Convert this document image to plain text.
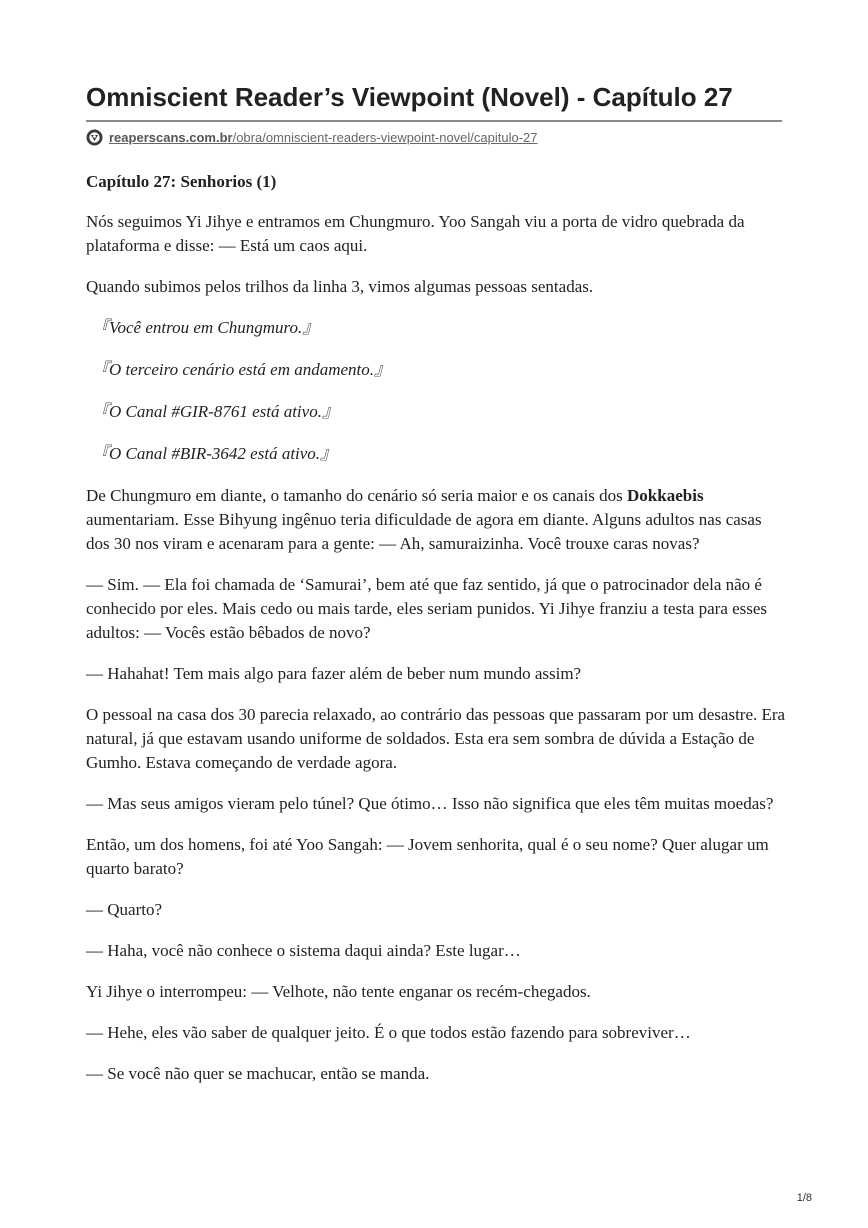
Omniscient Reader’s Viewpoint (Novel) - Capítulo 27
reaperscans.com.br/obra/omniscient-readers-viewpoint-novel/capitulo-27
Capítulo 27: Senhorios (1)

Nós seguimos Yi Jihye e entramos em Chungmuro. Yoo Sangah viu a porta de vidro quebrada da plataforma e disse: — Está um caos aqui.

Quando subimos pelos trilhos da linha 3, vimos algumas pessoas sentadas.

『Você entrou em Chungmuro.』

『O terceiro cenário está em andamento.』

『O Canal #GIR-8761 está ativo.』

『O Canal #BIR-3642 está ativo.』

De Chungmuro em diante, o tamanho do cenário só seria maior e os canais dos Dokkaebis aumentariam. Esse Bihyung ingênuo teria dificuldade de agora em diante. Alguns adultos nas casas dos 30 nos viram e acenaram para a gente: — Ah, samuraizinha. Você trouxe caras novas?

— Sim. — Ela foi chamada de ‘Samurai’, bem até que faz sentido, já que o patrocinador dela não é conhecido por eles. Mais cedo ou mais tarde, eles seriam punidos. Yi Jihye franziu a testa para esses adultos: — Vocês estão bêbados de novo?

— Hahahat! Tem mais algo para fazer além de beber num mundo assim?

O pessoal na casa dos 30 parecia relaxado, ao contrário das pessoas que passaram por um desastre. Era natural, já que estavam usando uniforme de soldados. Esta era sem sombra de dúvida a Estação de Gumho. Estava começando de verdade agora.

— Mas seus amigos vieram pelo túnel? Que ótimo… Isso não significa que eles têm muitas moedas?

Então, um dos homens, foi até Yoo Sangah: — Jovem senhorita, qual é o seu nome? Quer alugar um quarto barato?

— Quarto?

— Haha, você não conhece o sistema daqui ainda? Este lugar…

Yi Jihye o interrompeu: — Velhote, não tente enganar os recém-chegados.

— Hehe, eles vão saber de qualquer jeito. É o que todos estão fazendo para sobreviver…

— Se você não quer se machucar, então se manda.

1/8
